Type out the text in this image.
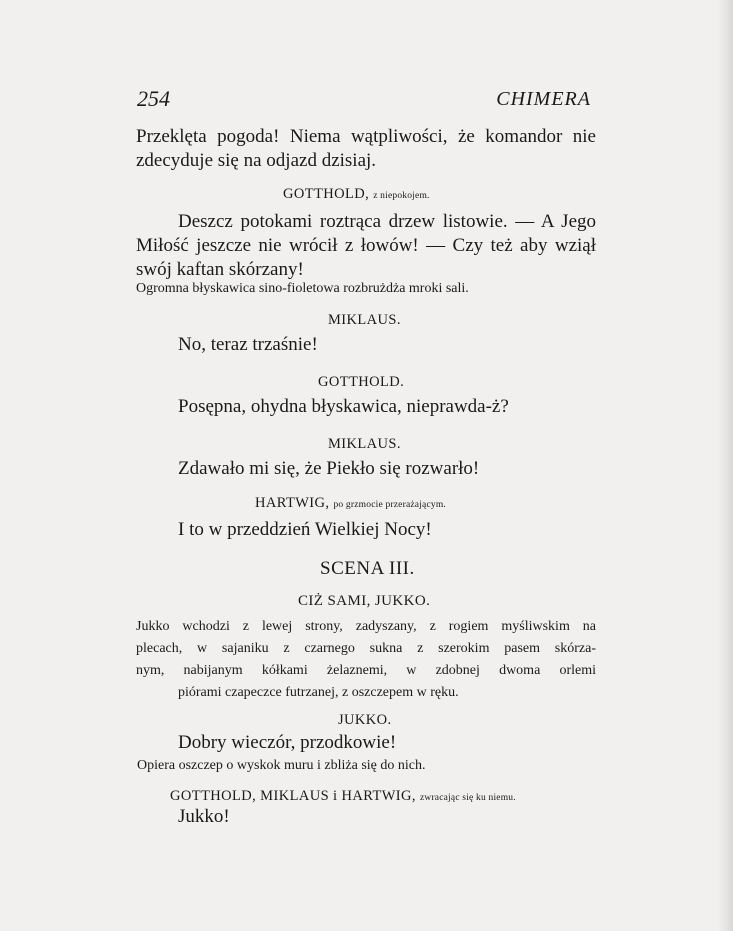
254	CHIMERA
Przeklęta pogoda! Niema wątpliwości, że komandor nie
zdecyduje się na odjazd dzisiaj.
GOTTHOLD, z niepokojem.
Deszcz potokami roztrąca drzew listowie. — A Jego
Miłość jeszcze nie wrócił z łowów! — Czy też aby wziął
swój kaftan skórzany!
Ogromna błyskawica sino-fioletowa rozbrużdża mroki sali.
MIKLAUS.
No, teraz trzaśnie!
GOTTHOLD.
Posępna, ohydna błyskawica, nieprawda-ż?
MIKLAUS.
Zdawało mi się, że Piekło się rozwarło!
HARTWIG, po grzmocie przerażającym.
I to w przeddzień Wielkiej Nocy!
SCENA III.
CIŻ SAMI, JUKKO.
Jukko wchodzi z lewej strony, zadyszany, z rogiem myśliwskim na
plecach, w sajaniku z czarnego sukna z szerokim pasem skórza-
nym, nabijanym kółkami żelaznemi, w zdobnej dwoma orlemi
piórami czapeczce futrzanej, z oszczepem w ręku.
JUKKO.
Dobry wieczór, przodkowie!
Opiera oszczep o wyskok muru i zbliża się do nich.
GOTTHOLD, MIKLAUS i HARTWIG, zwracając się ku niemu.
Jukko!
